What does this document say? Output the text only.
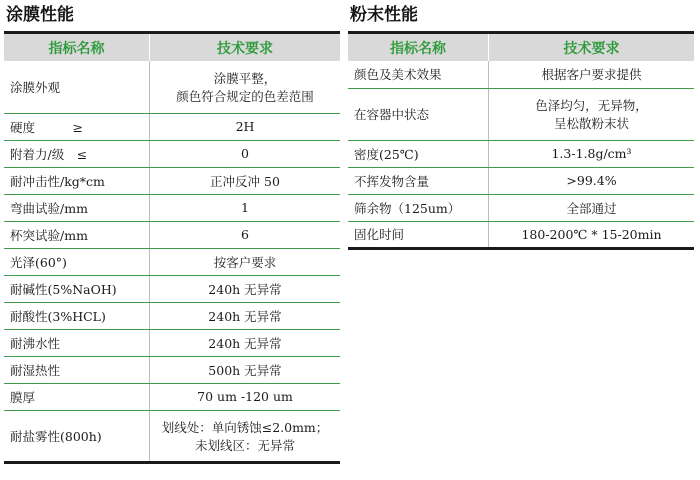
涂膜性能
指标名称	技术要求
涂膜外观	涂膜平整，
颜色符合规定的色差范围

硬度　　　≥	2H

附着力/级　≤	0

耐冲击性/kg*cm	正冲反冲 50

弯曲试验/mm	1

杯突试验/mm	6

光泽(60°)	按客户要求

耐碱性(5%NaOH)	240h 无异常

耐酸性(3%HCL)	240h 无异常

耐沸水性	240h 无异常

耐湿热性	500h 无异常

膜厚	70 um -120 um

耐盐雾性(800h)	划线处：单向锈蚀≤2.0mm；
未划线区：无异常
粉末性能
指标名称	技术要求
颜色及美术效果	根据客户要求提供

在容器中状态	色泽均匀，无异物，
呈松散粉末状

密度(25℃)	1.3-1.8g/cm³

不挥发物含量	>99.4%

筛余物（125um）	全部通过

固化时间	180-200℃ * 15-20min
